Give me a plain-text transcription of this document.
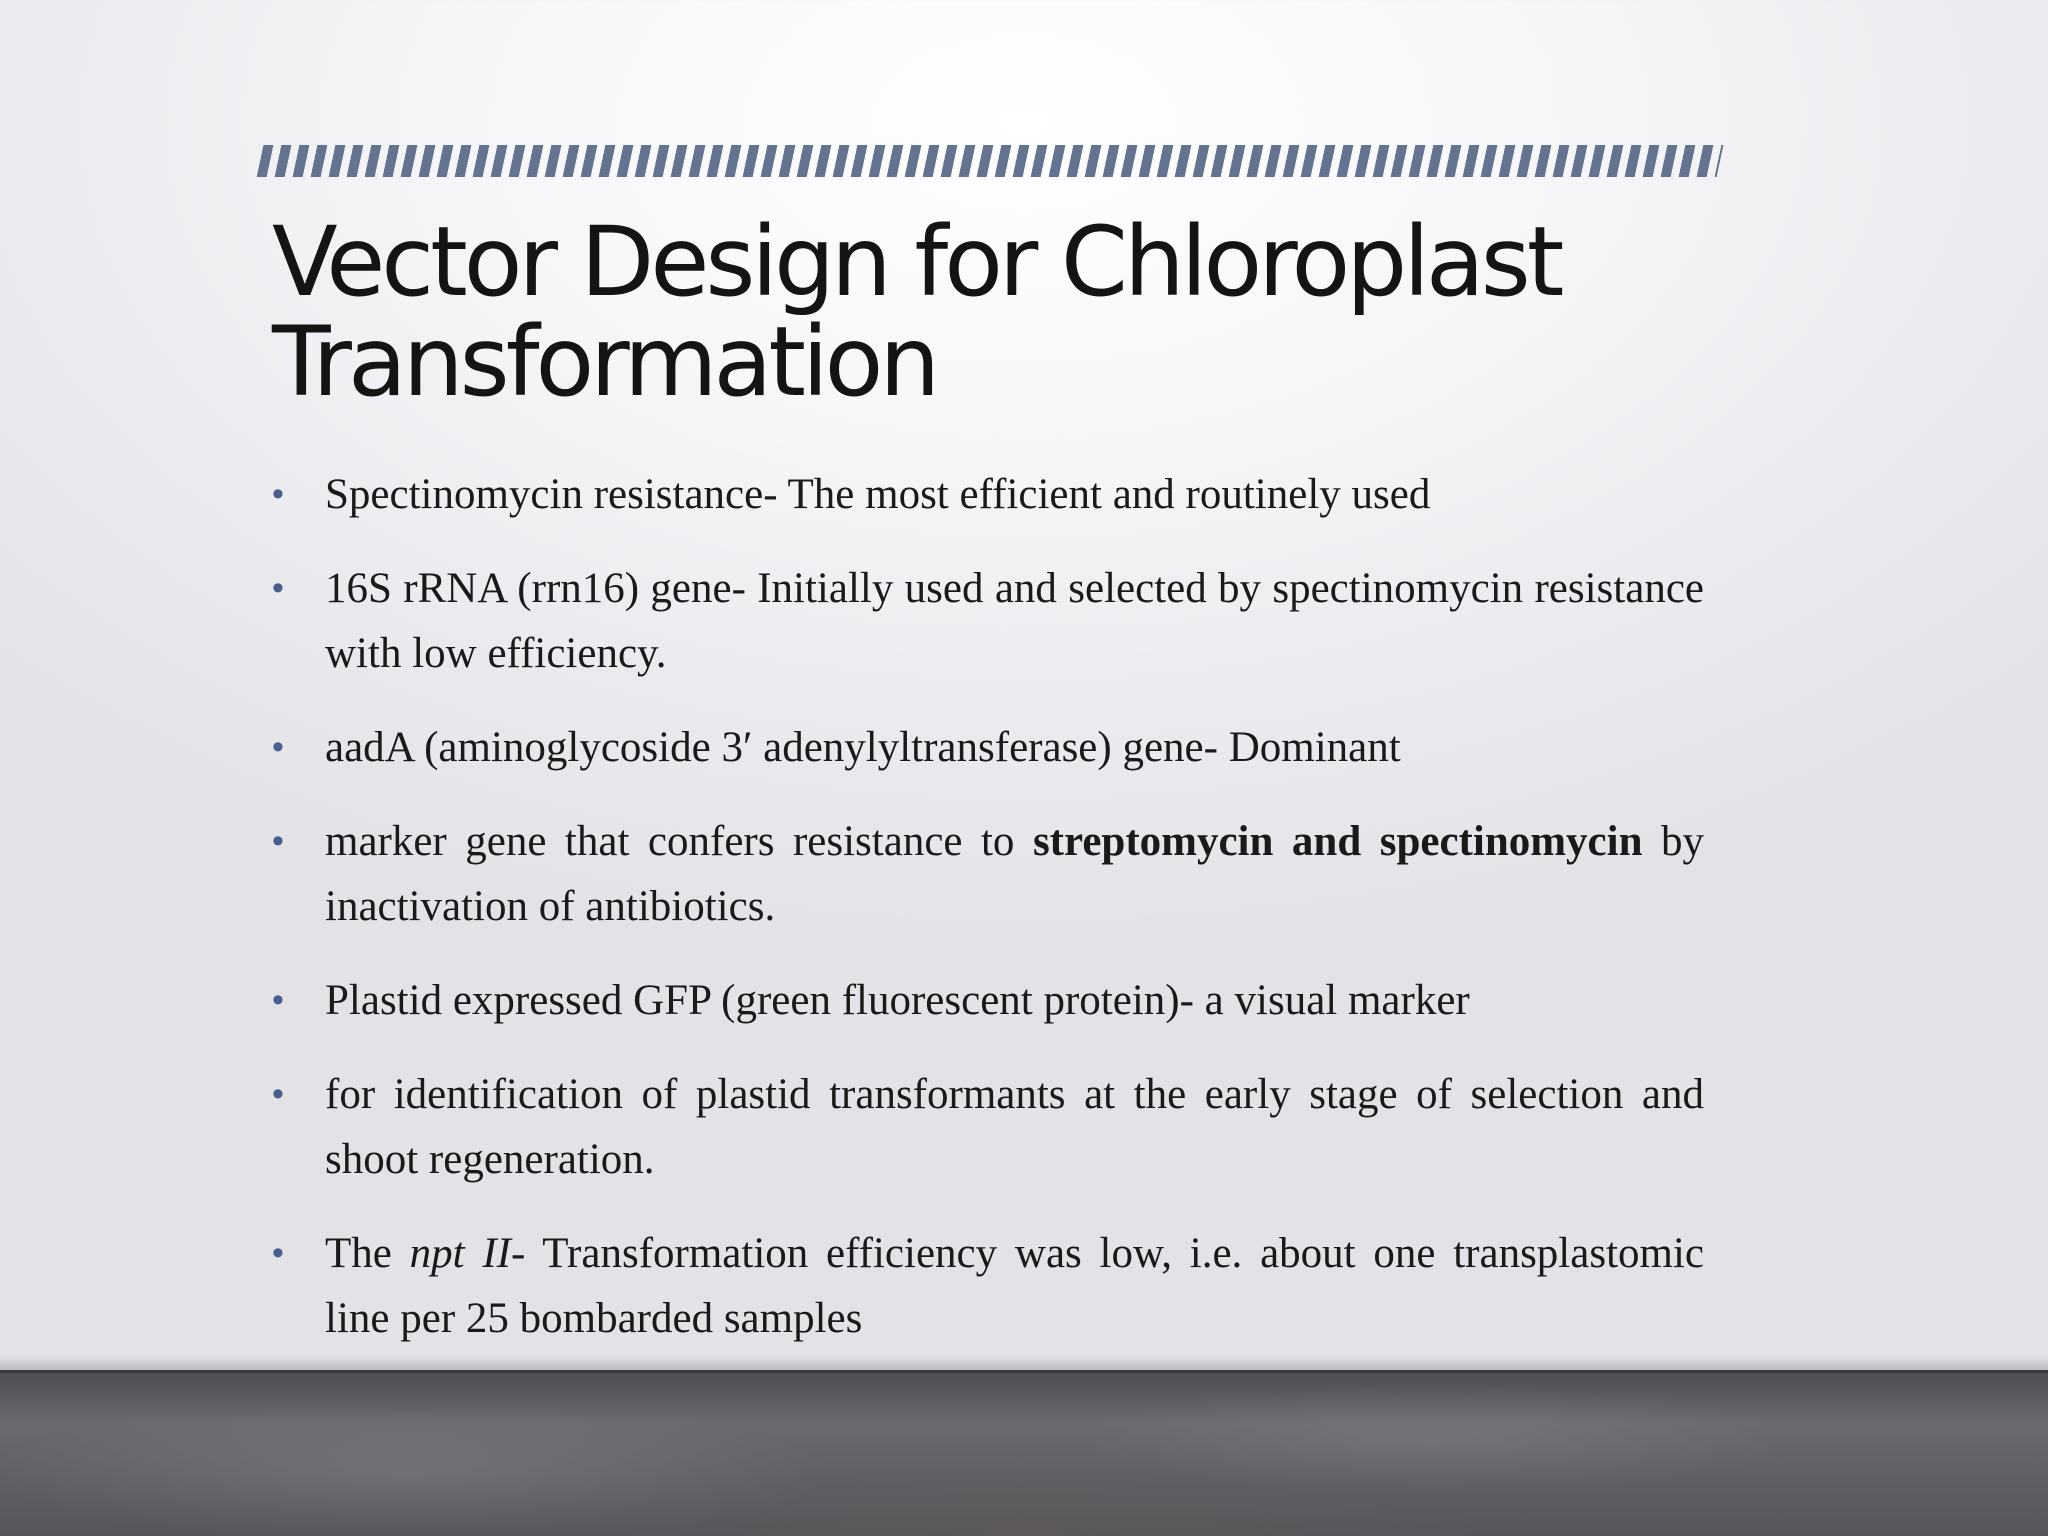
Vector Design for Chloroplast Transformation
• Spectinomycin resistance- The most efficient and routinely used
• 16S rRNA (rrn16) gene- Initially used and selected by spectinomycin resistance with low efficiency.
• aadA (aminoglycoside 3′ adenylyltransferase) gene- Dominant
• marker gene that confers resistance to streptomycin and spectinomycin by inactivation of antibiotics.
• Plastid expressed GFP (green fluorescent protein)- a visual marker
• for identification of plastid transformants at the early stage of selection and shoot regeneration.
• The npt II- Transformation efficiency was low, i.e. about one transplastomic line per 25 bombarded samples
